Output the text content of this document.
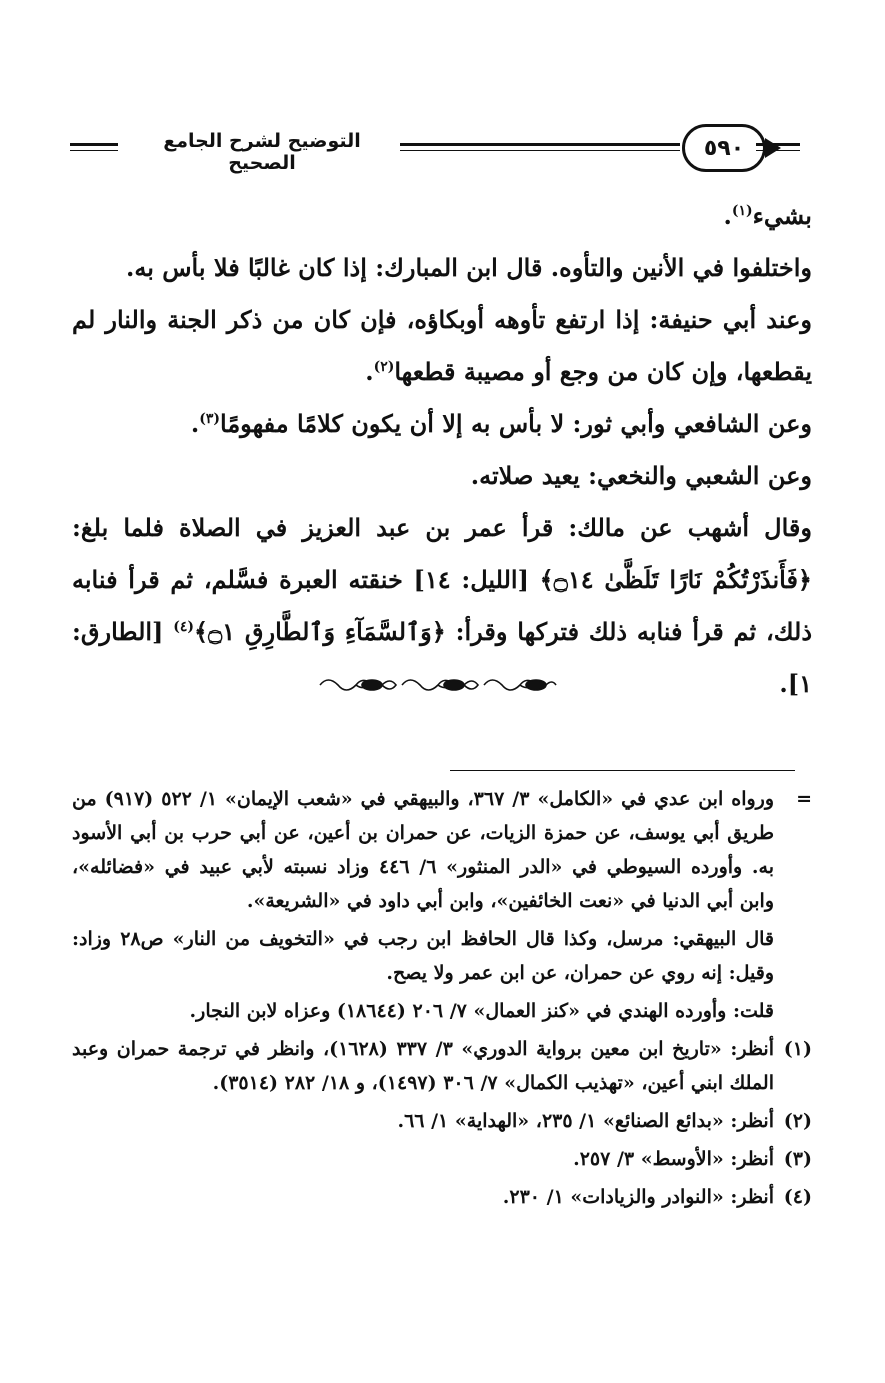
التوضيح لشرح الجامع الصحيح
٥٩٠

بشيء$^{(١)}$.

واختلفوا في الأنين والتأوه. قال ابن المبارك: إذا كان غالبًا فلا بأس به.

وعند أبي حنيفة: إذا ارتفع تأوهه أوبكاؤه، فإن كان من ذكر الجنة والنار لم يقطعها، وإن كان من وجع أو مصيبة قطعها$^{(٢)}$.

وعن الشافعي وأبي ثور: لا بأس به إلا أن يكون كلامًا مفهومًا$^{(٣)}$.

وعن الشعبي والنخعي: يعيد صلاته.

وقال أشهب عن مالك: قرأ عمر بن عبد العزيز في الصلاة فلما بلغ: ﴿فَأَنذَرْتُكُمْ نَارًا تَلَظَّىٰ ۝١٤﴾ [الليل: ١٤] خنقته العبرة فسَّلم، ثم قرأ فنابه ذلك، ثم قرأ فنابه ذلك فتركها وقرأ: ﴿وَٱلسَّمَآءِ وَٱلطَّارِقِ ۝١﴾$^{(٤)}$ [الطارق: ١].

=
ورواه ابن عدي في «الكامل» ٣/ ٣٦٧، والبيهقي في «شعب الإيمان» ١/ ٥٢٢ (٩١٧) من طريق أبي يوسف، عن حمزة الزيات، عن حمران بن أعين، عن أبي حرب بن أبي الأسود به. وأورده السيوطي في «الدر المنثور» ٦/ ٤٤٦ وزاد نسبته لأبي عبيد في «فضائله»، وابن أبي الدنيا في «نعت الخائفين»، وابن أبي داود في «الشريعة».
قال البيهقي: مرسل، وكذا قال الحافظ ابن رجب في «التخويف من النار» ص٢٨ وزاد: وقيل: إنه روي عن حمران، عن ابن عمر ولا يصح.
قلت: وأورده الهندي في «كنز العمال» ٧/ ٢٠٦ (١٨٦٤٤) وعزاه لابن النجار.
(١)
أنظر: «تاريخ ابن معين برواية الدوري» ٣/ ٣٣٧ (١٦٢٨)، وانظر في ترجمة حمران وعبد الملك ابني أعين، «تهذيب الكمال» ٧/ ٣٠٦ (١٤٩٧)، و ١٨/ ٢٨٢ (٣٥١٤).
(٢)
أنظر: «بدائع الصنائع» ١/ ٢٣٥، «الهداية» ١/ ٦٦.
(٣)
أنظر: «الأوسط» ٣/ ٢٥٧.
(٤)
أنظر: «النوادر والزيادات» ١/ ٢٣٠.
